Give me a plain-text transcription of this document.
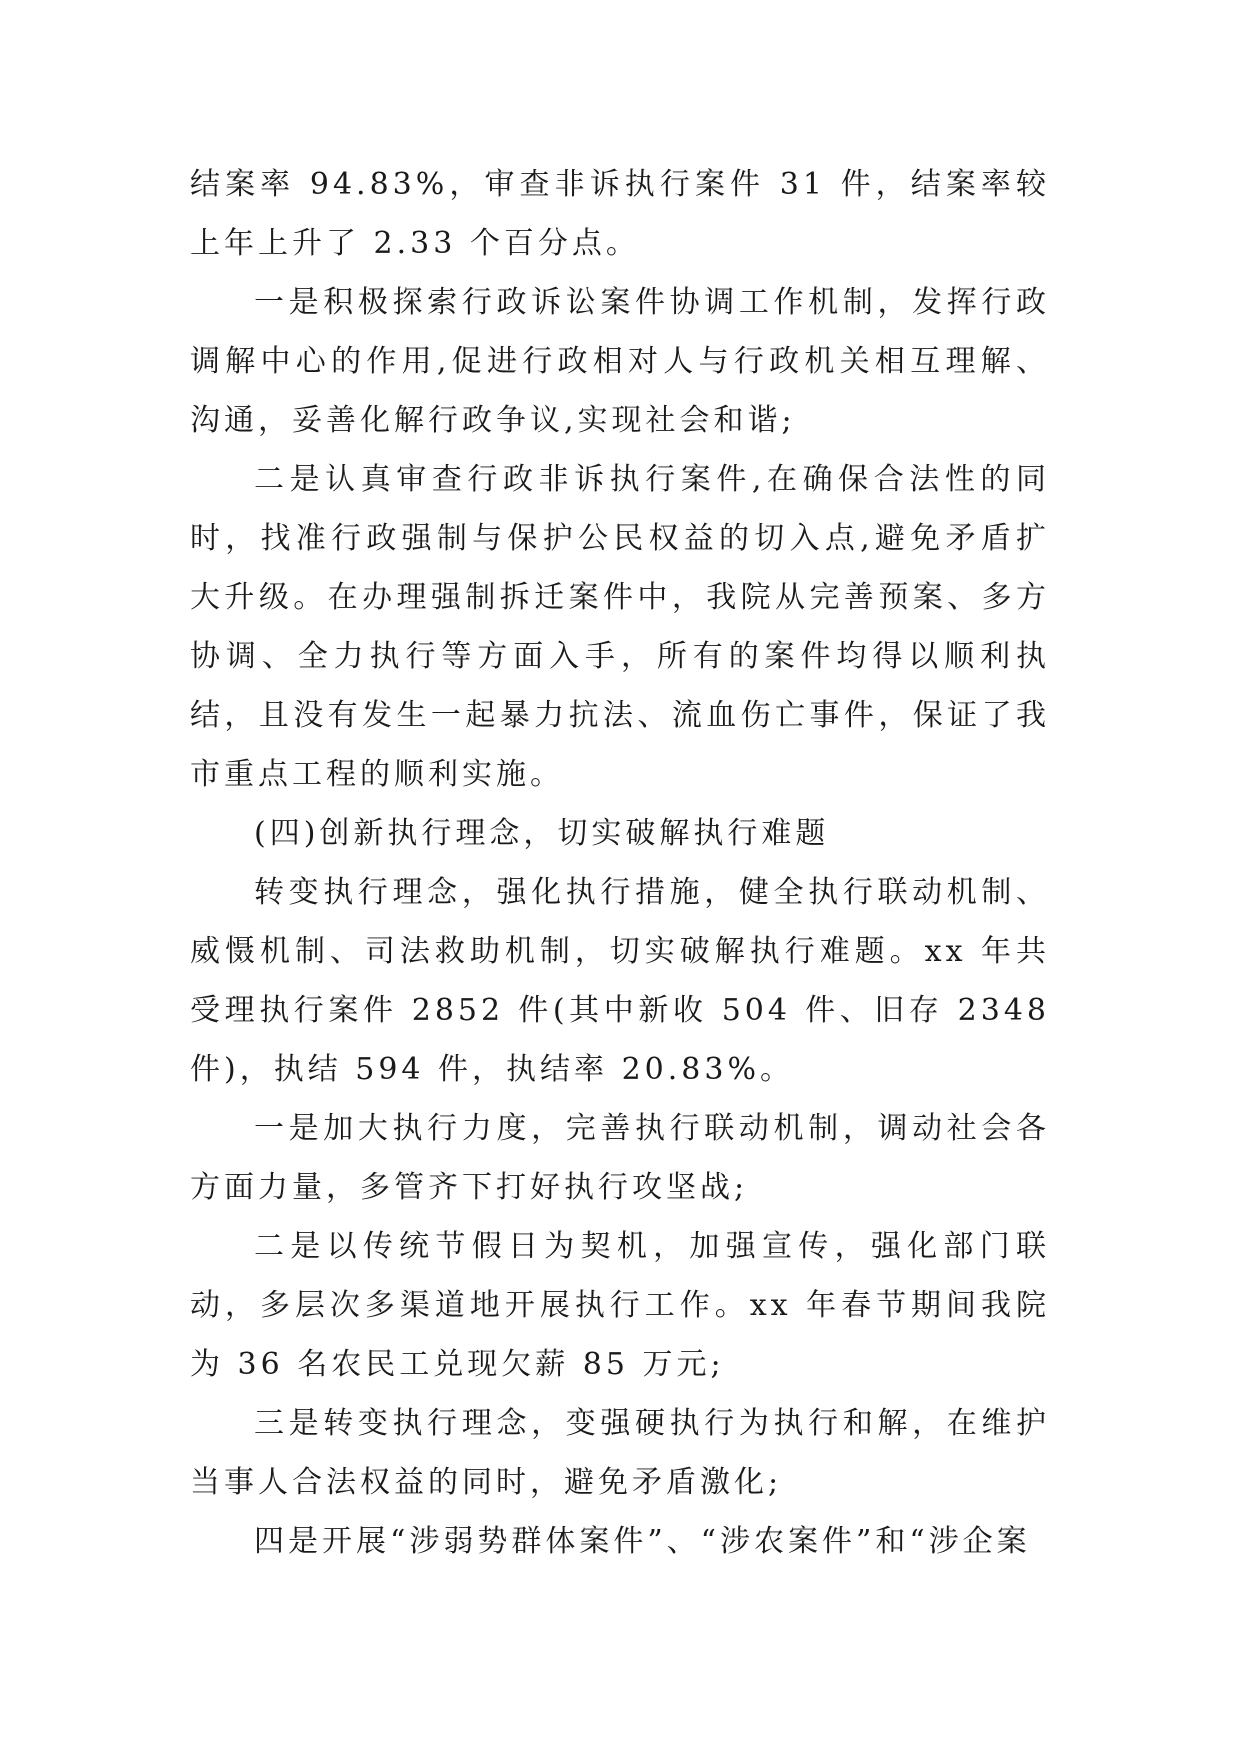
结案率 94.83%，审查非诉执行案件 31 件，结案率较上年上升了 2.33 个百分点。

一是积极探索行政诉讼案件协调工作机制，发挥行政调解中心的作用,促进行政相对人与行政机关相互理解、沟通，妥善化解行政争议,实现社会和谐;

二是认真审查行政非诉执行案件,在确保合法性的同时，找准行政强制与保护公民权益的切入点,避免矛盾扩大升级。在办理强制拆迁案件中，我院从完善预案、多方协调、全力执行等方面入手，所有的案件均得以顺利执结，且没有发生一起暴力抗法、流血伤亡事件，保证了我市重点工程的顺利实施。

(四)创新执行理念，切实破解执行难题

转变执行理念，强化执行措施，健全执行联动机制、威慑机制、司法救助机制，切实破解执行难题。xx 年共受理执行案件 2852 件(其中新收 504 件、旧存 2348 件)，执结 594 件，执结率 20.83%。

一是加大执行力度，完善执行联动机制，调动社会各方面力量，多管齐下打好执行攻坚战;

二是以传统节假日为契机，加强宣传，强化部门联动，多层次多渠道地开展执行工作。xx 年春节期间我院为 36 名农民工兑现欠薪 85 万元;

三是转变执行理念，变强硬执行为执行和解，在维护当事人合法权益的同时，避免矛盾激化;

四是开展“涉弱势群体案件”、“涉农案件”和“涉企案
